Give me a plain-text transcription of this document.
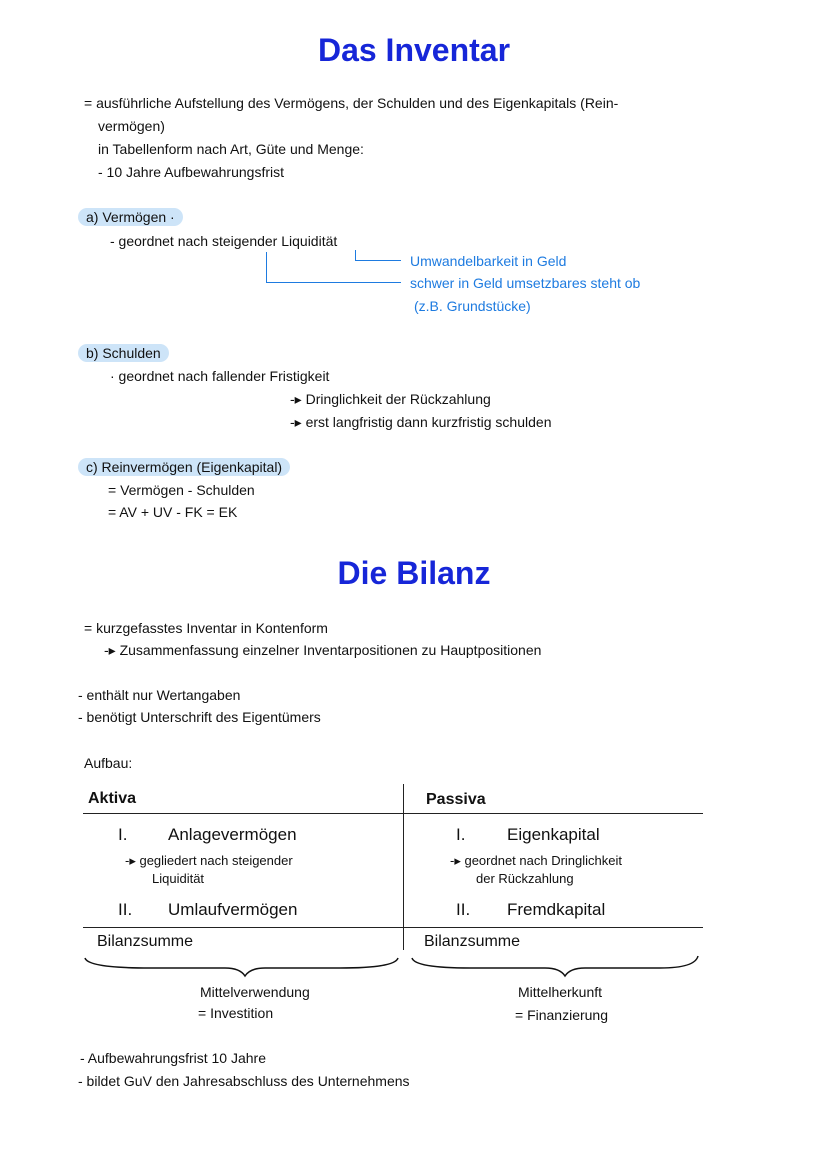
Das Inventar
= ausführliche Aufstellung des Vermögens, der Schulden und des Eigenkapitals (Rein-
vermögen)
in Tabellenform nach Art, Güte und Menge:
- 10 Jahre Aufbewahrungsfrist
a) Vermögen ·
- geordnet nach steigender Liquidität
Umwandelbarkeit in Geld
schwer in Geld umsetzbares steht ob
(z.B. Grundstücke)
b) Schulden
· geordnet nach fallender Fristigkeit
-▸ Dringlichkeit der Rückzahlung
-▸ erst langfristig dann kurzfristig schulden
c) Reinvermögen (Eigenkapital)
= Vermögen - Schulden
= AV + UV - FK = EK
Die Bilanz
= kurzgefasstes Inventar in Kontenform
-▸ Zusammenfassung einzelner Inventarpositionen zu Hauptpositionen
- enthält nur Wertangaben
- benötigt Unterschrift des Eigentümers
Aufbau:
Aktiva	Passiva
I. Anlagevermögen
-▸ gegliedert nach steigender
Liquidität
II. Umlaufvermögen
I. Eigenkapital
-▸ geordnet nach Dringlichkeit
der Rückzahlung
II. Fremdkapital
Bilanzsumme	Bilanzsumme
Mittelverwendung
= Investition
Mittelherkunft
= Finanzierung
- Aufbewahrungsfrist 10 Jahre
- bildet GuV den Jahresabschluss des Unternehmens
